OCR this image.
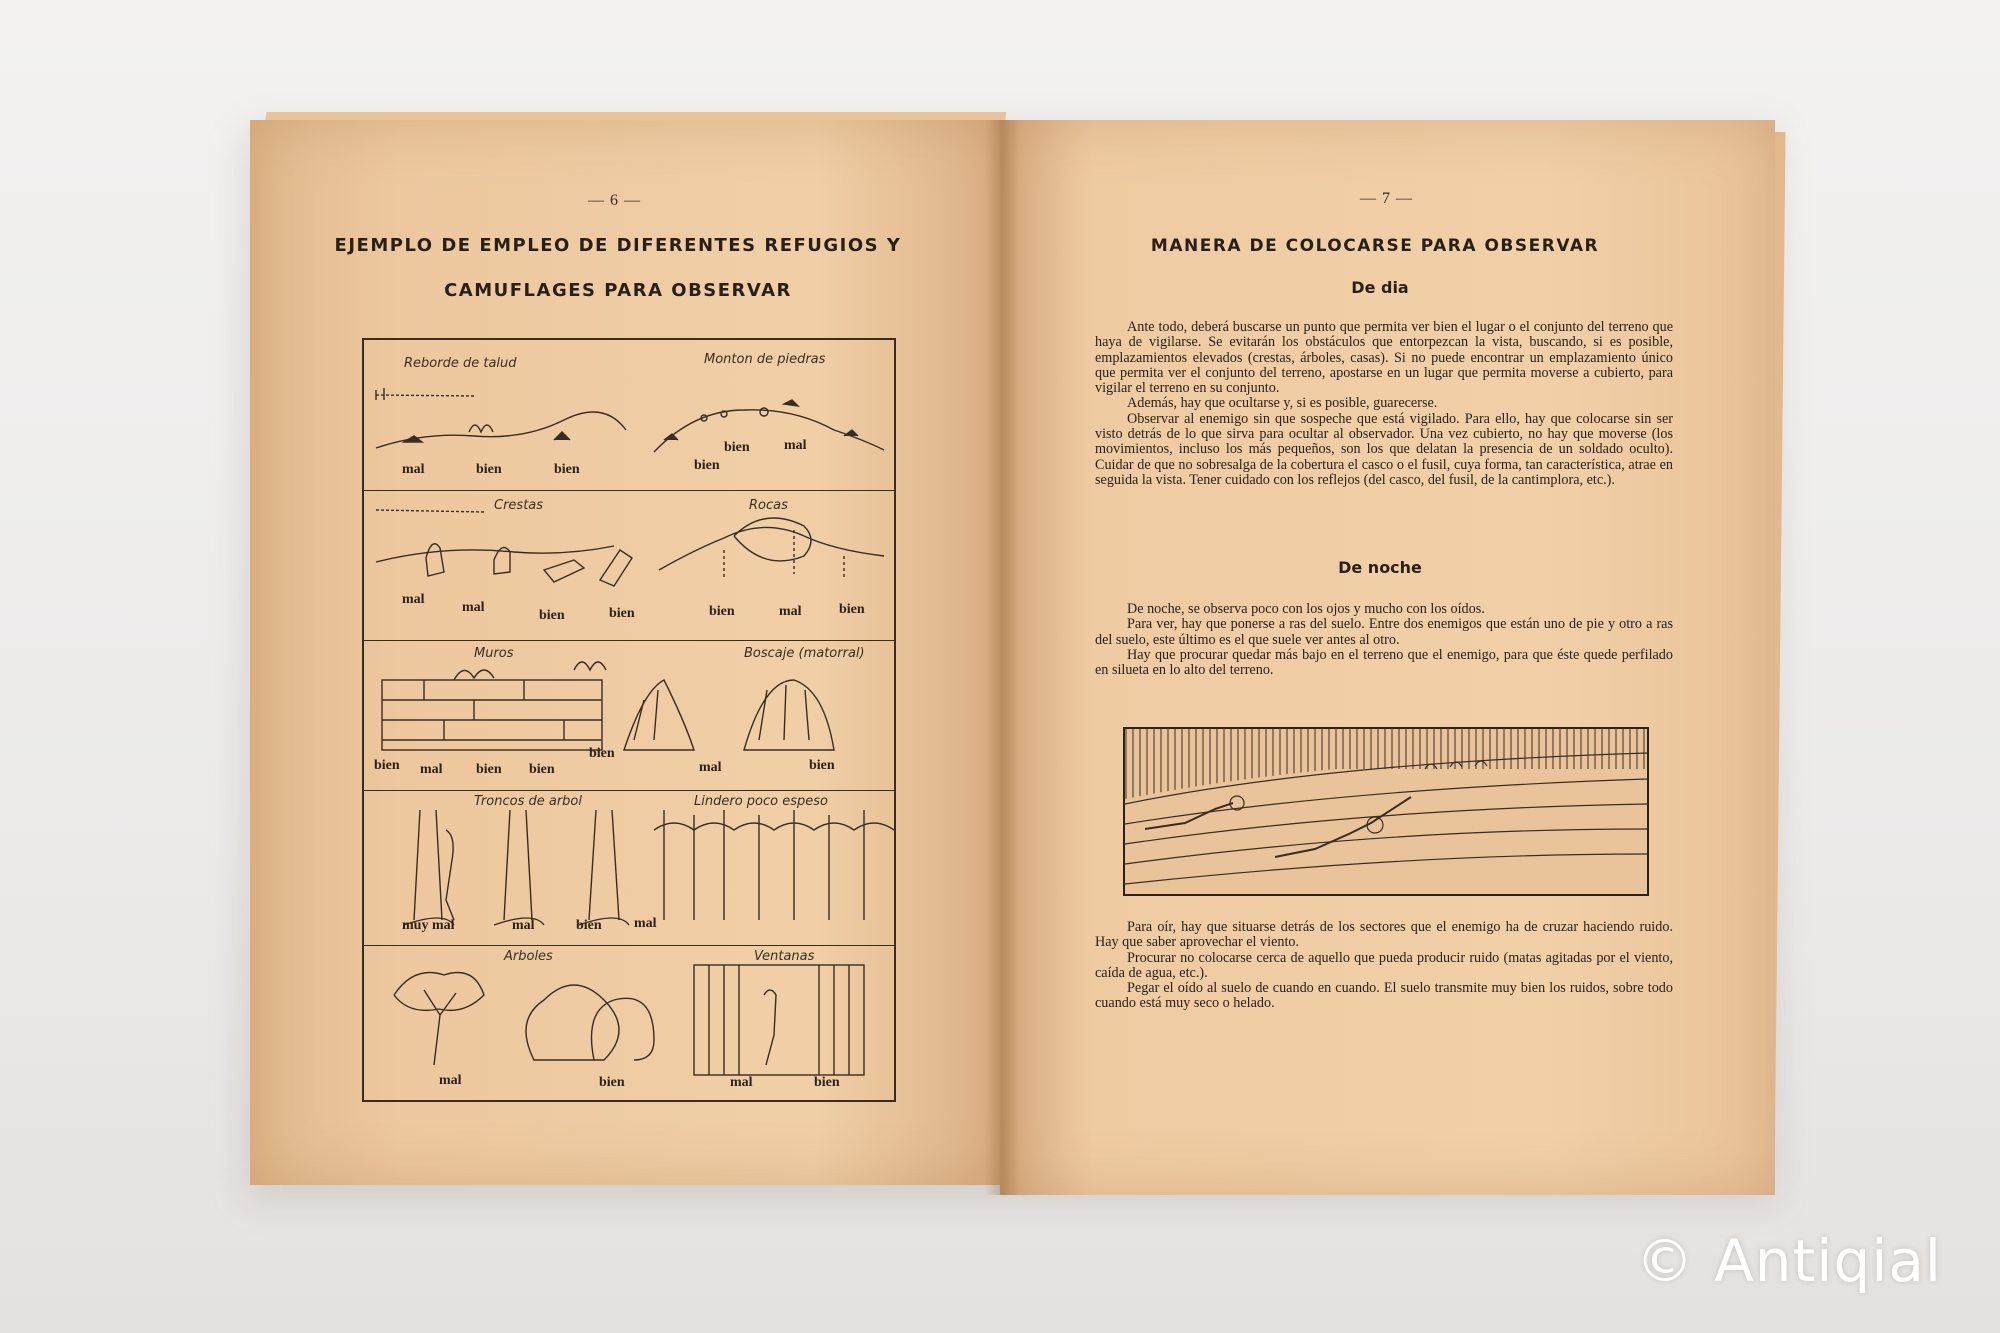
— 6 —
EJEMPLO DE EMPLEO DE DIFERENTES REFUGIOS Y
CAMUFLAGES PARA OBSERVAR
Reborde de talud	Monton de piedras
mal	bien	bien	bien
bien mal
Crestas	Rocas
mal
mal
bien	bien	bien	mal	bien
Muros	Boscaje (matorral)
bien mal bien bien
bien
mal	bien
Troncos de arbol	Lindero poco espeso
muy mal	mal	bien mal
Arboles	Ventanas
mal	bien	mal	bien
— 7 —
MANERA DE COLOCARSE PARA OBSERVAR
De dia

Ante todo, deberá buscarse un punto que permita ver bien el lugar o el conjunto del terreno que haya de vigilarse. Se evitarán los obstáculos que entorpezcan la vista, buscando, si es posible, emplazamientos elevados (crestas, árboles, casas). Si no puede encontrar un emplazamiento único que permita ver el conjunto del terreno, apostarse en un lugar que permita moverse a cubierto, para vigilar el terreno en su conjunto.

Además, hay que ocultarse y, si es posible, guarecerse.

Observar al enemigo sin que sospeche que está vigilado. Para ello, hay que colocarse sin ser visto detrás de lo que sirva para ocultar al observador. Una vez cubierto, no hay que moverse (los movimientos, incluso los más pequeños, son los que delatan la presencia de un soldado oculto). Cuidar de que no sobresalga de la cobertura el casco o el fusil, cuya forma, tan característica, atrae en seguida la vista. Tener cuidado con los reflejos (del casco, del fusil, de la cantimplora, etc.).

De noche

De noche, se observa poco con los ojos y mucho con los oídos.

Para ver, hay que ponerse a ras del suelo. Entre dos enemigos que están uno de pie y otro a ras del suelo, este último es el que suele ver antes al otro.

Hay que procurar quedar más bajo en el terreno que el enemigo, para que éste quede perfilado en silueta en lo alto del terreno.

Para oír, hay que situarse detrás de los sectores que el enemigo ha de cruzar haciendo ruido. Hay que saber aprovechar el viento.

Procurar no colocarse cerca de aquello que pueda producir ruido (matas agitadas por el viento, caída de agua, etc.).

Pegar el oído al suelo de cuando en cuando. El suelo transmite muy bien los ruidos, sobre todo cuando está muy seco o helado.

© Antiqial
